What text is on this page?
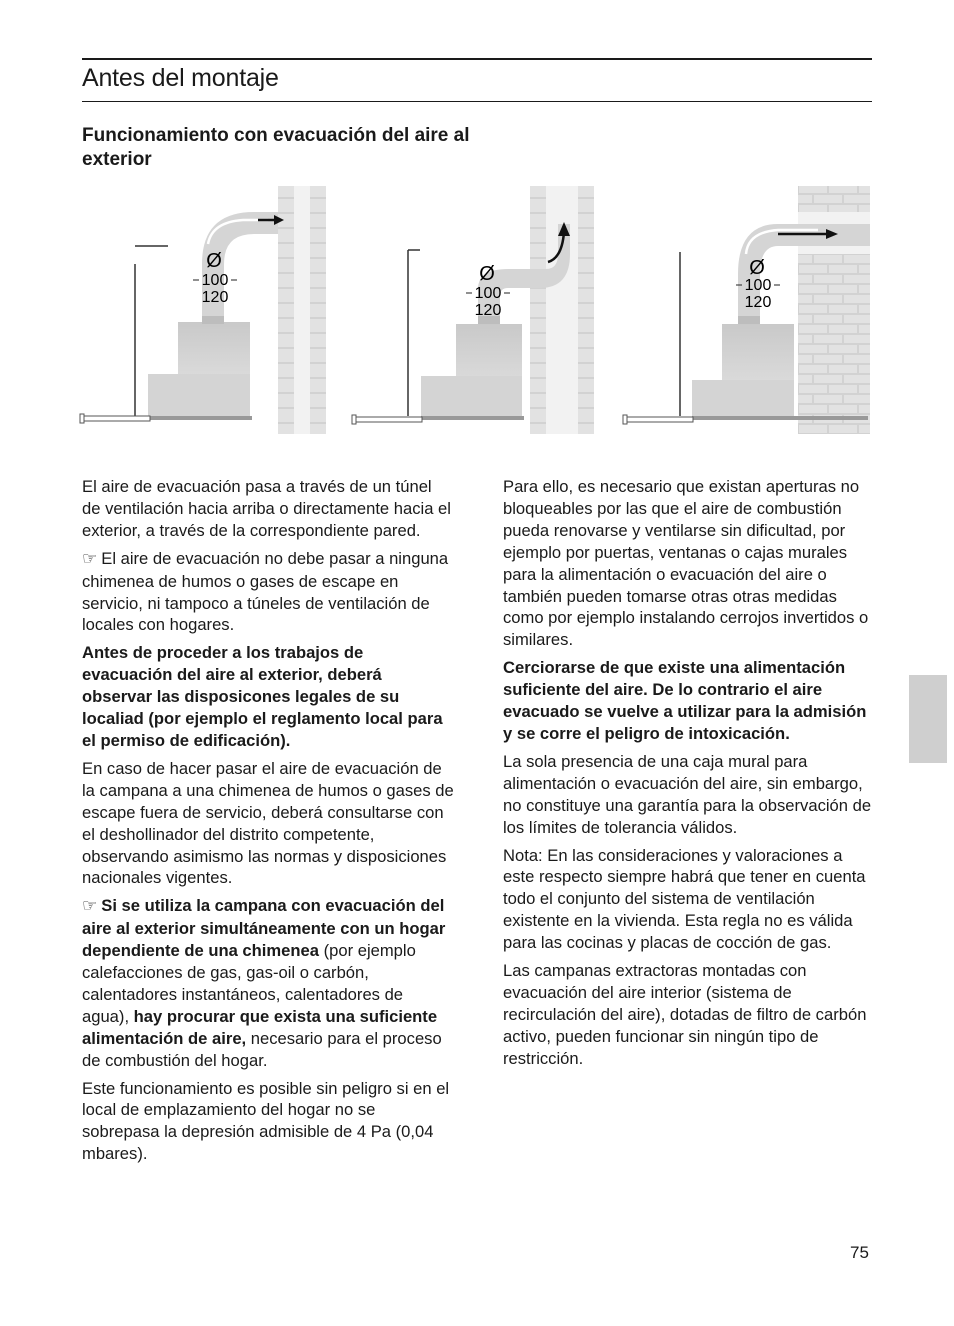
Antes del montaje
Funcionamiento con evacuación del aire al exterior
Ø
100
120
Ø
100
120
Ø
100
120

El aire de evacuación pasa a través de un túnel de ventilación hacia arriba o directamente hacia el exterior, a través de la correspondiente pared.

☞ El aire de evacuación no debe pasar a ninguna chimenea de humos o gases de escape en servicio, ni tampoco a túneles de ventilación de locales con hogares.

Antes de proceder a los trabajos de evacuación del aire al exterior, deberá observar las disposicones legales de su localiad (por ejemplo el reglamento local para el permiso de edificación).

En caso de hacer pasar el aire de evacuación de la campana a una chimenea de humos o gases de escape fuera de servicio, deberá consultarse con el deshollinador del distrito competente, observando asimismo las normas y disposiciones nacionales vigentes.

☞ Si se utiliza la campana con evacuación del aire al exterior simultáneamente con un hogar dependiente de una chimenea (por ejemplo calefacciones de gas, gas-oil o carbón, calentadores instantáneos, calentadores de agua), hay procurar que exista una suficiente alimentación de aire, necesario para el proceso de combustión del hogar.

Este funcionamiento es posible sin peligro si en el local de emplazamiento del hogar no se sobrepasa la depresión admisible de 4 Pa (0,04 mbares).

Para ello, es necesario que existan aperturas no bloqueables por las que el aire de combustión pueda renovarse y ventilarse sin dificultad, por ejemplo por puertas, ventanas o cajas murales para la alimentación o evacuación del aire o también pueden tomarse otras otras medidas como por ejemplo instalando cerrojos invertidos o similares.

Cerciorarse de que existe una alimentación suficiente del aire. De lo contrario el aire evacuado se vuelve a utilizar para la admisión y se corre el peligro de intoxicación.

La sola presencia de una caja mural para alimentación o evacuación del aire, sin embargo, no constituye una garantía para la observación de los límites de tolerancia válidos.

Nota: En las consideraciones y valoraciones a este respecto siempre habrá que tener en cuenta todo el conjunto del sistema de ventilación existente en la vivienda. Esta regla no es válida para las cocinas y placas de cocción de gas.

Las campanas extractoras montadas con evacuación del aire interior (sistema de recirculación del aire), dotadas de filtro de carbón activo, pueden funcionar sin ningún tipo de restricción.

75
